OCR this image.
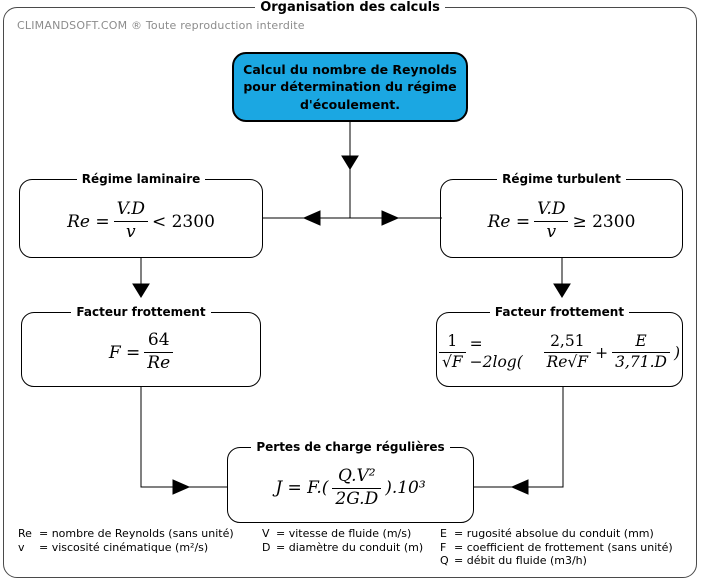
Organisation des calculs
CLIMANDSOFT.COM ® Toute reproduction interdite
Calcul du nombre de Reynolds pour détermination du régime d'écoulement.
Régime laminaire
$Re = \frac{V.D}{v} < 2300$
Régime turbulent
$Re = \frac{V.D}{v} \ge 2300$
Facteur frottement
$F = \frac{64}{Re}$
Facteur frottement
$\frac{1}{√F} = -2\log$(	$\frac{2,51}{Re√F} + \frac{E}{3,71.D}$ )
Pertes de charge régulières
$J = F.( \frac{\text{Q.V²}}{2G.D} ).10^3$
Re = nombre de Reynolds (sans unité)
v	= viscosité cinématique (m²/s)
V = vitesse de fluide (m/s)
D = diamètre du conduit (m)
E = rugosité absolue du conduit (mm)
F = coefficient de frottement (sans unité)
Q = débit du fluide (m3/h)
